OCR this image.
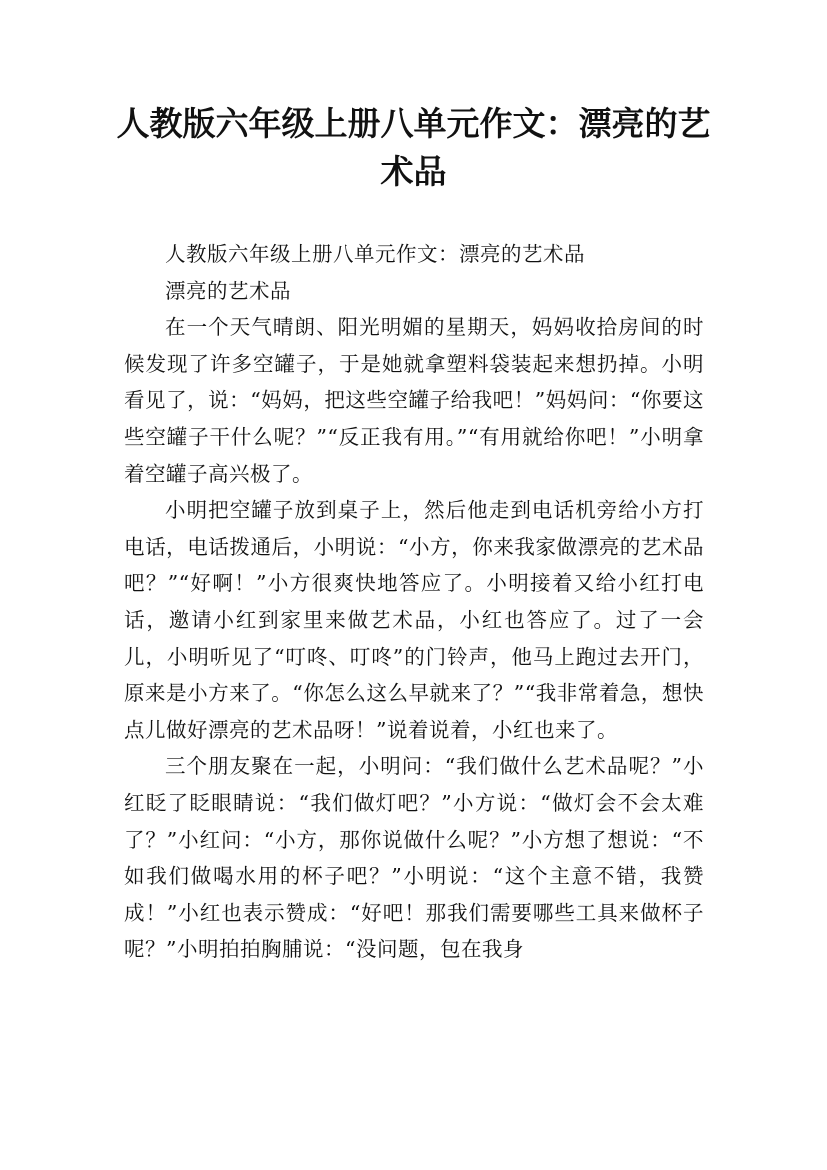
人教版六年级上册八单元作文：漂亮的艺术品

人教版六年级上册八单元作文：漂亮的艺术品

漂亮的艺术品

在一个天气晴朗、阳光明媚的星期天，妈妈收拾房间的时候发现了许多空罐子，于是她就拿塑料袋装起来想扔掉。小明看见了，说：“妈妈，把这些空罐子给我吧！”妈妈问：“你要这些空罐子干什么呢？”“反正我有用。”“有用就给你吧！”小明拿着空罐子高兴极了。

小明把空罐子放到桌子上，然后他走到电话机旁给小方打电话，电话拨通后，小明说：“小方，你来我家做漂亮的艺术品吧？”“好啊！”小方很爽快地答应了。小明接着又给小红打电话，邀请小红到家里来做艺术品，小红也答应了。过了一会儿，小明听见了“叮咚、叮咚”的门铃声，他马上跑过去开门，原来是小方来了。“你怎么这么早就来了？”“我非常着急，想快点儿做好漂亮的艺术品呀！”说着说着，小红也来了。

三个朋友聚在一起，小明问：“我们做什么艺术品呢？”小红眨了眨眼睛说：“我们做灯吧？”小方说：“做灯会不会太难了？”小红问：“小方，那你说做什么呢？”小方想了想说：“不如我们做喝水用的杯子吧？”小明说：“这个主意不错，我赞成！”小红也表示赞成：“好吧！那我们需要哪些工具来做杯子呢？”小明拍拍胸脯说：“没问题，包在我身
